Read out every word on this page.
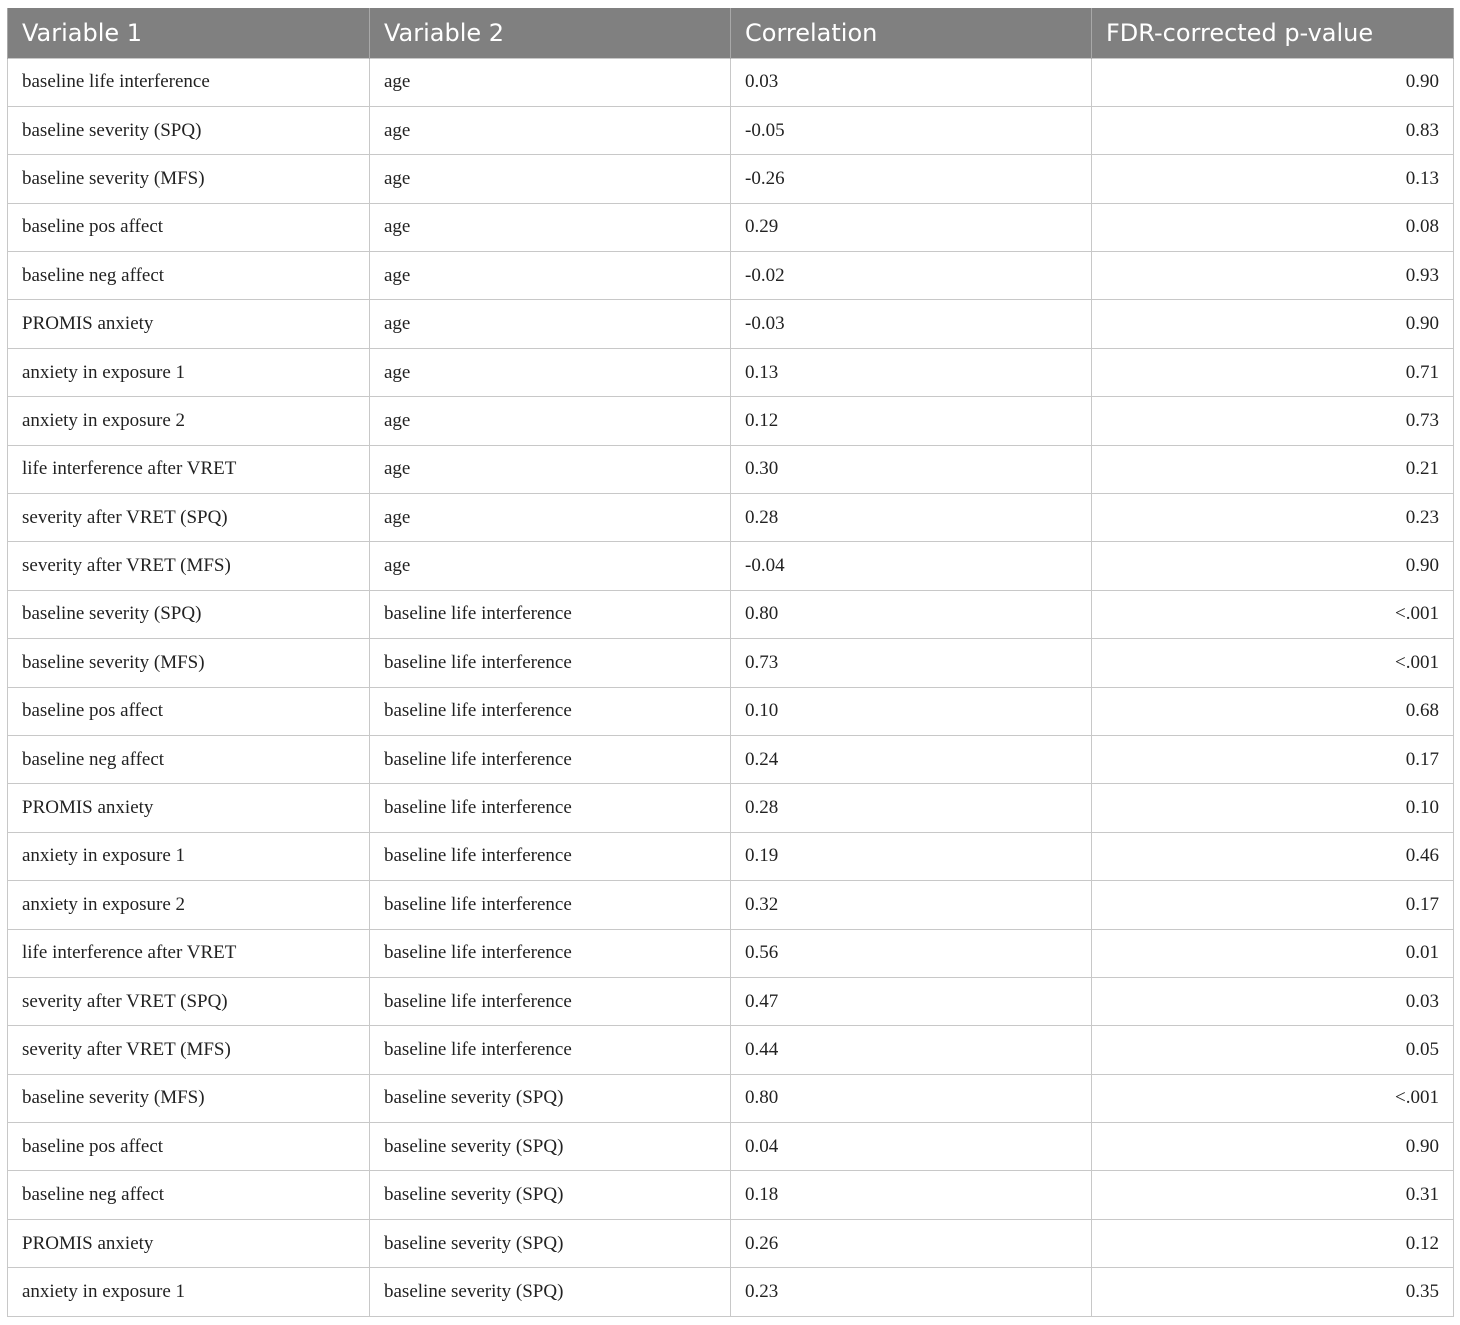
Variable 1	Variable 2	Correlation	FDR-corrected p-value
baseline life interference	age	0.03	0.90
baseline severity (SPQ)	age	-0.05	0.83
baseline severity (MFS)	age	-0.26	0.13
baseline pos affect	age	0.29	0.08
baseline neg affect	age	-0.02	0.93
PROMIS anxiety	age	-0.03	0.90
anxiety in exposure 1	age	0.13	0.71
anxiety in exposure 2	age	0.12	0.73
life interference after VRET	age	0.30	0.21
severity after VRET (SPQ)	age	0.28	0.23
severity after VRET (MFS)	age	-0.04	0.90
baseline severity (SPQ)	baseline life interference	0.80	<.001
baseline severity (MFS)	baseline life interference	0.73	<.001
baseline pos affect	baseline life interference	0.10	0.68
baseline neg affect	baseline life interference	0.24	0.17
PROMIS anxiety	baseline life interference	0.28	0.10
anxiety in exposure 1	baseline life interference	0.19	0.46
anxiety in exposure 2	baseline life interference	0.32	0.17
life interference after VRET	baseline life interference	0.56	0.01
severity after VRET (SPQ)	baseline life interference	0.47	0.03
severity after VRET (MFS)	baseline life interference	0.44	0.05
baseline severity (MFS)	baseline severity (SPQ)	0.80	<.001
baseline pos affect	baseline severity (SPQ)	0.04	0.90
baseline neg affect	baseline severity (SPQ)	0.18	0.31
PROMIS anxiety	baseline severity (SPQ)	0.26	0.12
anxiety in exposure 1	baseline severity (SPQ)	0.23	0.35
